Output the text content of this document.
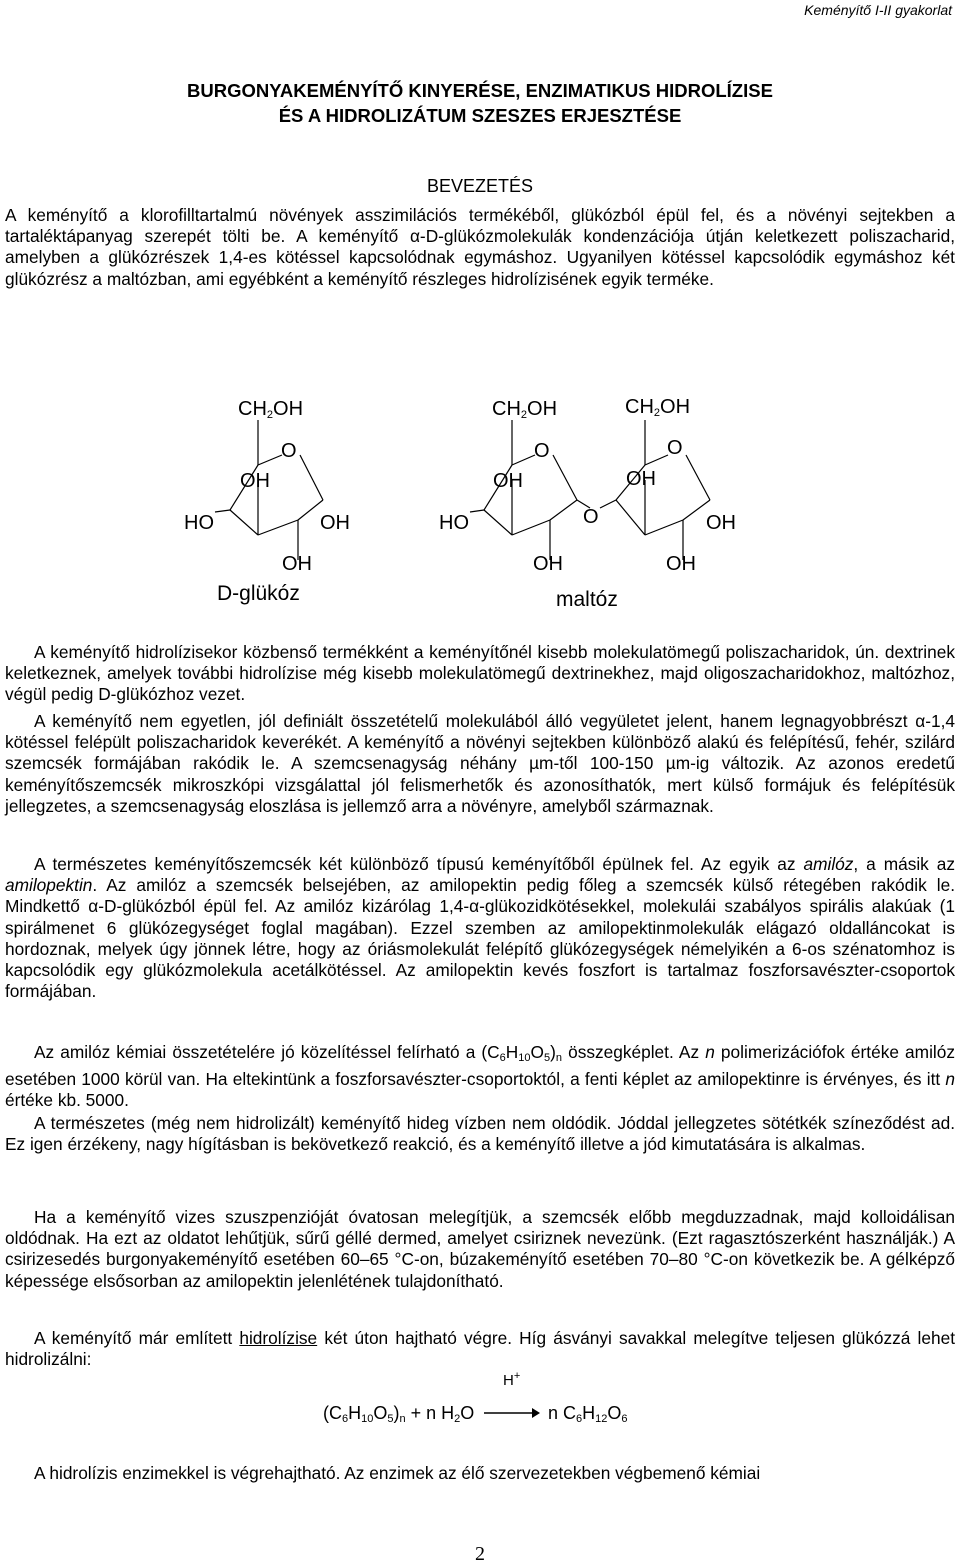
Keményítő I-II gyakorlat
BURGONYAKEMÉNYÍTŐ KINYERÉSE, ENZIMATIKUS HIDROLÍZISE
ÉS A HIDROLIZÁTUM SZESZES ERJESZTÉSE
BEVEZETÉS
A keményítő a klorofilltartalmú növények asszimilációs termékéből, glükózból épül fel, és a növényi sejtekben a tartaléktápanyag szerepét tölti be. A keményítő α-D-glükózmolekulák kondenzációja útján keletkezett poliszacharid, amelyben a glükózrészek 1,4-es kötéssel kapcsolódnak egymáshoz. Ugyanilyen kötéssel kapcsolódik egymáshoz két glükózrész a maltózban, ami egyébként a keményítő részleges hidrolízisének egyik terméke.
$CH_2OH$
O
OH
HO	OH
OH
D-glükóz
$CH_2OH$	$CH_2OH$
O	O
OH	OH
HO	O	OH
OH	OH
maltóz
A keményítő hidrolízisekor közbenső termékként a keményítőnél kisebb molekulatömegű poliszacharidok, ún. dextrinek keletkeznek, amelyek további hidrolízise még kisebb molekulatömegű dextrinekhez, majd oligoszacharidokhoz, maltózhoz, végül pedig D-glükózhoz vezet.
A keményítő nem egyetlen, jól definiált összetételű molekulából álló vegyületet jelent, hanem legnagyobbrészt α-1,4 kötéssel felépült poliszacharidok keverékét. A keményítő a növényi sejtekben különböző alakú és felépítésű, fehér, szilárd szemcsék formájában rakódik le. A szemcsenagyság néhány µm-től 100-150 µm-ig változik. Az azonos eredetű keményítőszemcsék mikroszkópi vizsgálattal jól felismerhetők és azonosíthatók, mert külső formájuk és felépítésük jellegzetes, a szemcsenagyság eloszlása is jellemző arra a növényre, amelyből származnak.
A természetes keményítőszemcsék két különböző típusú keményítőből épülnek fel. Az egyik az amilóz, a másik az amilopektin. Az amilóz a szemcsék belsejében, az amilopektin pedig főleg a szemcsék külső rétegében rakódik le. Mindkettő α-D-glükózból épül fel. Az amilóz kizárólag 1,4-α-glükozidkötésekkel, molekulái szabályos spirális alakúak (1 spirálmenet 6 glükózegységet foglal magában). Ezzel szemben az amilopektinmolekulák elágazó oldalláncokat is hordoznak, melyek úgy jönnek létre, hogy az óriásmolekulát felépítő glükózegységek némelyikén a 6-os szénatomhoz is kapcsolódik egy glükózmolekula acetálkötéssel. Az amilopektin kevés foszfort is tartalmaz foszforsavészter-csoportok formájában.
Az amilóz kémiai összetételére jó közelítéssel felírható a $(C_6H_{10}O_5)_n$ összegképlet. Az n polimerizációfok értéke amilóz esetében 1000 körül van. Ha eltekintünk a foszforsavészter-csoportoktól, a fenti képlet az amilopektinre is érvényes, és itt n értéke kb. 5000.
A természetes (még nem hidrolizált) keményítő hideg vízben nem oldódik. Jóddal jellegzetes sötétkék színeződést ad. Ez igen érzékeny, nagy hígításban is bekövetkező reakció, és a keményítő illetve a jód kimutatására is alkalmas.
Ha a keményítő vizes szuszpenzióját óvatosan melegítjük, a szemcsék előbb megduzzadnak, majd kolloidálisan oldódnak. Ha ezt az oldatot lehűtjük, sűrű géllé dermed, amelyet csiriznek nevezünk. (Ezt ragasztószerként használják.) A csirizesedés burgonyakeményítő esetében 60–65 °C-on, búzakeményítő esetében 70–80 °C-on következik be. A gélképző képessége elsősorban az amilopektin jelenlétének tulajdonítható.
A keményítő már említett hidrolízise két úton hajtható végre. Híg ásványi savakkal melegítve teljesen glükózzá lehet hidrolizálni:
H+
$(C_6H_{10}O_5)_n + n$ $H_2O \to n$ $C_6H_{12}O_6$
A hidrolízis enzimekkel is végrehajtható. Az enzimek az élő szervezetekben végbemenő kémiai
2
